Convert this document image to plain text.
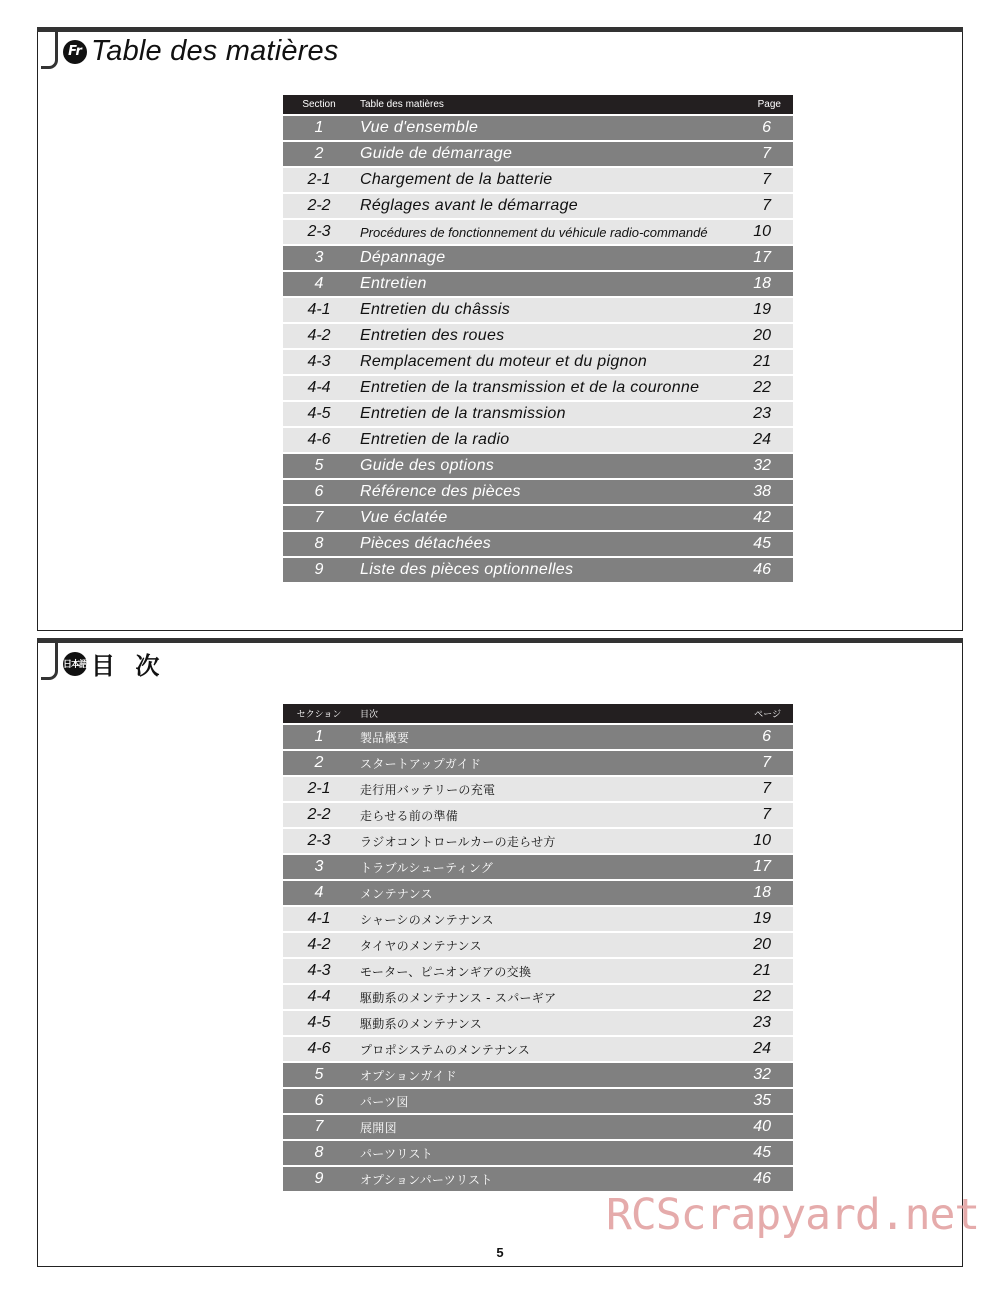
Fr Table des matières
Section	Table des matières	Page
1	Vue d'ensemble	6
2	Guide de démarrage	7
2-1	Chargement de la batterie	7
2-2	Réglages avant le démarrage	7
2-3	Procédures de fonctionnement du véhicule radio-commandé	10
3	Dépannage	17
4	Entretien	18
4-1	Entretien du châssis	19
4-2	Entretien des roues	20
4-3	Remplacement du moteur et du pignon	21
4-4	Entretien de la transmission et de la couronne	22
4-5	Entretien de la transmission	23
4-6	Entretien de la radio	24
5	Guide des options	32
6	Référence des pièces	38
7	Vue éclatée	42
8	Pièces détachées	45
9	Liste des pièces optionnelles	46
日本語 目 次
セクション	目次	ページ
1	製品概要	6
2	スタートアップガイド	7
2-1	走行用バッテリーの充電	7
2-2	走らせる前の準備	7
2-3	ラジオコントロールカーの走らせ方	10
3	トラブルシューティング	17
4	メンテナンス	18
4-1	シャーシのメンテナンス	19
4-2	タイヤのメンテナンス	20
4-3	モーター、ピニオンギアの交換	21
4-4	駆動系のメンテナンス - スパーギア	22
4-5	駆動系のメンテナンス	23
4-6	プロポシステムのメンテナンス	24
5	オプションガイド	32
6	パーツ図	35
7	展開図	40
8	パーツリスト	45
9	オプションパーツリスト	46
5
RCScrapyard.net
